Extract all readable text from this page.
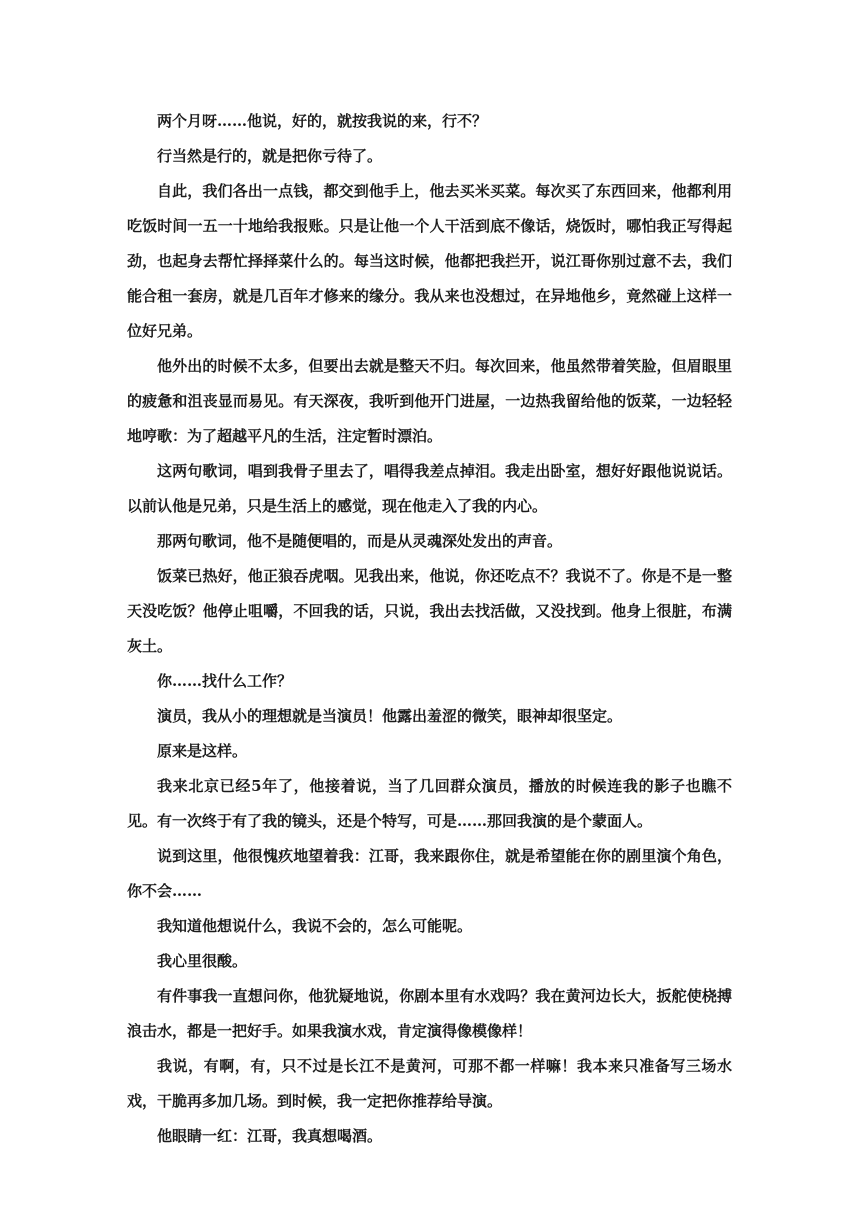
两个月呀……他说，好的，就按我说的来，行不？

行当然是行的，就是把你亏待了。

自此，我们各出一点钱，都交到他手上，他去买米买菜。每次买了东西回来，他都利用吃饭时间一五一十地给我报账。只是让他一个人干活到底不像话，烧饭时，哪怕我正写得起劲，也起身去帮忙择择菜什么的。每当这时候，他都把我拦开，说江哥你别过意不去，我们能合租一套房，就是几百年才修来的缘分。我从来也没想过，在异地他乡，竟然碰上这样一位好兄弟。

他外出的时候不太多，但要出去就是整天不归。每次回来，他虽然带着笑脸，但眉眼里的疲惫和沮丧显而易见。有天深夜，我听到他开门进屋，一边热我留给他的饭菜，一边轻轻地哼歌：为了超越平凡的生活，注定暂时漂泊。

这两句歌词，唱到我骨子里去了，唱得我差点掉泪。我走出卧室，想好好跟他说说话。以前认他是兄弟，只是生活上的感觉，现在他走入了我的内心。

那两句歌词，他不是随便唱的，而是从灵魂深处发出的声音。

饭菜已热好，他正狼吞虎咽。见我出来，他说，你还吃点不？我说不了。你是不是一整天没吃饭？他停止咀嚼，不回我的话，只说，我出去找活做，又没找到。他身上很脏，布满灰土。

你……找什么工作？

演员，我从小的理想就是当演员！他露出羞涩的微笑，眼神却很坚定。

原来是这样。

我来北京已经5年了，他接着说，当了几回群众演员，播放的时候连我的影子也瞧不见。有一次终于有了我的镜头，还是个特写，可是……那回我演的是个蒙面人。

说到这里，他很愧疚地望着我：江哥，我来跟你住，就是希望能在你的剧里演个角色，你不会……

我知道他想说什么，我说不会的，怎么可能呢。

我心里很酸。

有件事我一直想问你，他犹疑地说，你剧本里有水戏吗？我在黄河边长大，扳舵使桡搏浪击水，都是一把好手。如果我演水戏，肯定演得像模像样！

我说，有啊，有，只不过是长江不是黄河，可那不都一样嘛！我本来只准备写三场水戏，干脆再多加几场。到时候，我一定把你推荐给导演。

他眼睛一红：江哥，我真想喝酒。
